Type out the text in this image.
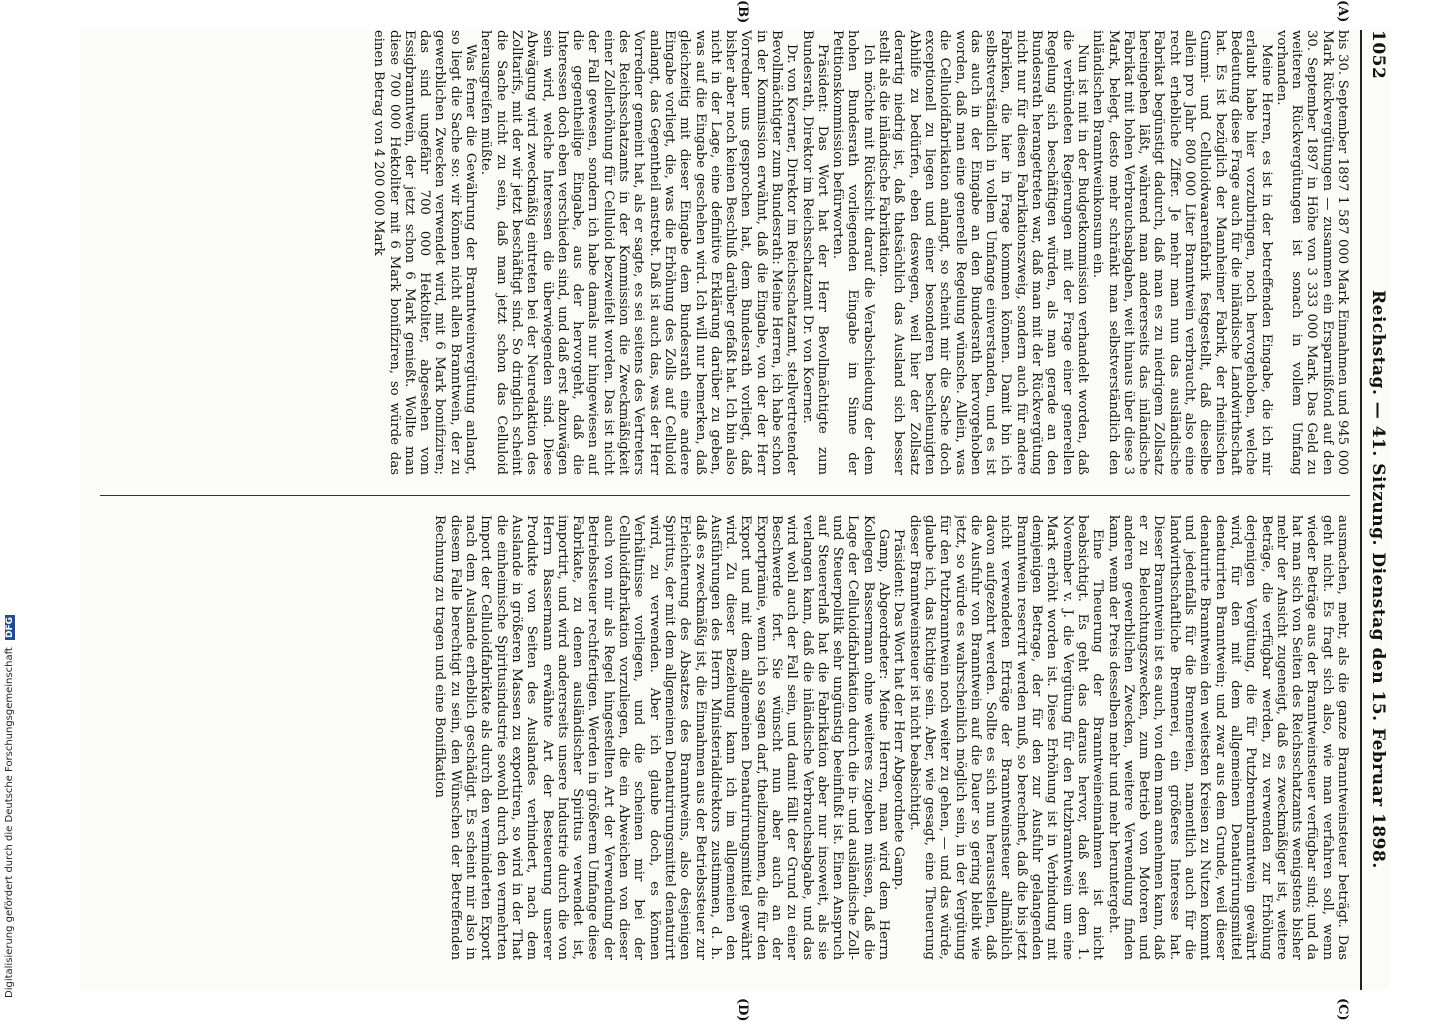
1052
Reichstag. — 41. Sitzung. Dienstag den 15. Februar 1898.
(A)
(B)
(C)
(D)

bis 30. September 1897 1 587 000 Mark Einnahmen und 945 000 Mark Rückvergütungen — zusammen ein Ersparnißfond auf den 30. September 1897 in Höhe von 3 333 000 Mark. Das Geld zu weiteren Rückvergütungen ist sonach in vollem Umfang vorhanden.

Meine Herren, es ist in der betreffenden Eingabe, die ich mir erlaubt habe hier vorzubringen, noch hervorgehoben, welche Bedeutung diese Frage auch für die inländische Landwirthschaft hat. Es ist bezüglich der Mannheimer Fabrik, der rheinischen Gummi- und Celluloidwaarenfabrik festgestellt, daß dieselbe allein pro Jahr 800 000 Liter Branntwein verbraucht, also eine recht erhebliche Ziffer. Je mehr man nun das ausländische Fabrikat begünstigt dadurch, daß man es zu niedrigem Zollsatz hereingehen läßt, während man andererseits das inländische Fabrikat mit hohen Verbrauchsabgaben, weit hinaus über diese 3 Mark, belegt, desto mehr schränkt man selbstverständlich den inländischen Branntweinkonsum ein.

Nun ist mit in der Budgetkommission verhandelt worden, daß die verbündeten Regierungen mit der Frage einer generellen Regelung sich beschäftigen würden, als man gerade an den Bundesrath herangetreten war, daß man mit der Rückvergütung nicht nur für diesen Fabrikationszweig, sondern auch für andere Fabriken, die hier in Frage kommen können. Damit bin ich selbstverständlich in vollem Umfange einverstanden, und es ist das auch in der Eingabe an den Bundesrath hervorgehoben worden, daß man eine generelle Regelung wünsche. Allein, was die Celluloidfabrikation anlangt, so scheint mir die Sache doch exceptionell zu liegen und einer besonderen beschleunigten Abhilfe zu bedürfen, eben deswegen, weil hier der Zollsatz derartig niedrig ist, daß thatsächlich das Ausland sich besser stellt als die inländische Fabrikation.

Ich möchte mit Rücksicht darauf die Verabschiedung der dem hohen Bundesrath vorliegenden Eingabe im Sinne der Petitionskommission befürworten.

Präsident: Das Wort hat der Herr Bevollmächtigte zum Bundesrath, Direktor im Reichsschatzamt Dr. von Koerner.

Dr. von Koerner, Direktor im Reichsschatzamt, stellvertretender Bevollmächtigter zum Bundesrath: Meine Herren, ich habe schon in der Kommission erwähnt, daß die Eingabe, von der der Herr Vorredner uns gesprochen hat, dem Bundesrath vorliegt, daß bisher aber noch keinen Beschluß darüber gefaßt hat. Ich bin also nicht in der Lage, eine definitive Erklärung darüber zu geben, was auf die Eingabe geschehen wird. Ich will nur bemerken, daß gleichzeitig mit dieser Eingabe dem Bundesrath eine andere Eingabe vorliegt, die, was die Erhöhung des Zolls auf Celluloid anlangt, das Gegentheil anstrebt. Daß ist auch das, was der Herr Vorredner gemeint hat, als er sagte, es sei seitens des Vertreters des Reichsschatzamts in der Kommission die Zweckmäßigkeit einer Zollerhöhung für Celluloid bezweifelt worden. Das ist nicht der Fall gewesen, sondern ich habe damals nur hingewiesen auf die gegentheilige Eingabe, aus der hervorgeht, daß die Interessen doch eben verschieden sind, und daß erst abzuwägen sein wird, welche Interessen die überwiegenden sind. Diese Abwägung wird zweckmäßig eintreten bei der Neuredaktion des Zolltarifs, mit der wir jetzt beschäftigt sind. So dringlich scheint die Sache nicht zu sein, daß man jetzt schon das Celluloid herausgreifen müßte.

Was ferner die Gewährung der Branntweinvergütung anlangt, so liegt die Sache so: wir können nicht allen Branntwein, der zu gewerblichen Zwecken verwendet wird, mit 6 Mark bonifiziren; das sind ungefähr 700 000 Hektoliter, abgesehen vom Essigbranntwein, der jetzt schon 6 Mark genießt. Wollte man diese 700 000 Hektoliter mit 6 Mark bonifiziren, so würde das einen Betrag von 4 200 000 Mark

ausmachen, mehr, als die ganze Branntweinsteuer beträgt. Das geht nicht. Es fragt sich also, wie man verfahren soll, wenn wieder Beträge aus der Branntweinsteuer verfügbar sind; und da hat man sich von Seiten des Reichsschatzamts wenigstens bisher mehr der Ansicht zugeneigt, daß es zweckmäßiger ist, weitere Beträge, die verfügbar werden, zu verwenden zur Erhöhung derjenigen Vergütung, die für Putzbrennbranntwein gewährt wird, für den mit dem allgemeinen Denaturirungsmittel denaturirten Branntwein; und zwar aus dem Grunde, weil dieser denaturirte Branntwein den weitesten Kreisen zu Nutzen kommt und jedenfalls für die Brennereien, namentlich auch für die landwirthschaftliche Brennerei, ein größeres Interesse hat. Dieser Branntwein ist es auch, von dem man annehmen kann, daß er zu Beleuchtungszwecken, zum Betrieb von Motoren und anderen gewerblichen Zwecken, weitere Verwendung finden kann, wenn der Preis desselben mehr und mehr heruntergeht.

Eine Theuerung der Branntweineinnahmen ist nicht beabsichtigt. Es geht das daraus hervor, daß seit dem 1. November v. J. die Vergütung für den Putzbranntwein um eine Mark erhöht worden ist. Diese Erhöhung ist in Verbindung mit demjenigen Betrage, der für den zur Ausfuhr gelangenden Branntwein reservirt werden muß, so berechnet, daß die bis jetzt nicht verwendeten Erträge der Branntweinsteuer allmählich davon aufgezehrt werden. Sollte es sich nun herausstellen, daß die Ausfuhr von Branntwein auf die Dauer so gering bleibt wie jetzt, so würde es wahrscheinlich möglich sein, in der Vergütung für den Putzbranntwein noch weiter zu gehen, — und das würde, glaube ich, das Richtige sein. Aber, wie gesagt, eine Theuerung dieser Branntweinsteuer ist nicht beabsichtigt.

Präsident: Das Wort hat der Herr Abgeordnete Gamp.

Gamp, Abgeordneter: Meine Herren, man wird dem Herrn Kollegen Bassermann ohne weiteres zugeben müssen, daß die Lage der Celluloidfabrikation durch die in- und ausländische Zoll- und Steuerpolitik sehr ungünstig beeinflußt ist. Einen Anspruch auf Steuererlaß hat die Fabrikation aber nur insoweit, als sie verlangen kann, daß die inländische Verbrauchsabgabe, und das wird wohl auch der Fall sein, und damit fällt der Grund zu einer Beschwerde fort. Sie wünscht nun aber auch an der Exportprämie, wenn ich so sagen darf, theilzunehmen, die für den Export und mit dem allgemeinen Denaturirungsmittel gewährt wird. Zu dieser Beziehung kann ich im allgemeinen den Ausführungen des Herrn Ministerialdirektors zustimmen, d. h. daß es zweckmäßig ist, die Einnahmen aus der Betriebssteuer zur Erleichterung des Absatzes des Branntweins, also desjenigen Spiritus, der mit dem allgemeinen Denaturirungsmittel denaturirt wird, zu verwenden. Aber ich glaube doch, es können Verhältnisse vorliegen, und die scheinen mir bei der Celluloidfabrikation vorzuliegen, die ein Abweichen von dieser auch von mir als Regel hingestellten Art der Verwendung der Betriebssteuer rechtfertigen. Werden in größerem Umfange diese Fabrikate, zu denen ausländischer Spiritus verwendet ist, importirt, und wird andererseits unsere Industrie durch die von Herrn Bassermann erwähnte Art der Besteuerung unserer Produkte von Seiten des Auslandes verhindert, nach dem Auslande in größeren Massen zu exportiren, so wird in der That die einheimische Spiritusindustrie sowohl durch den vermehrten Import der Celluloidfabrikate als durch den verminderten Export nach dem Auslande erheblich geschädigt. Es scheint mir also in diesem Falle berechtigt zu sein, den Wünschen der Betreffenden Rechnung zu tragen und eine Bonifikation

Digitalisierung gefördert durch die Deutsche Forschungsgemeinschaft DFG
